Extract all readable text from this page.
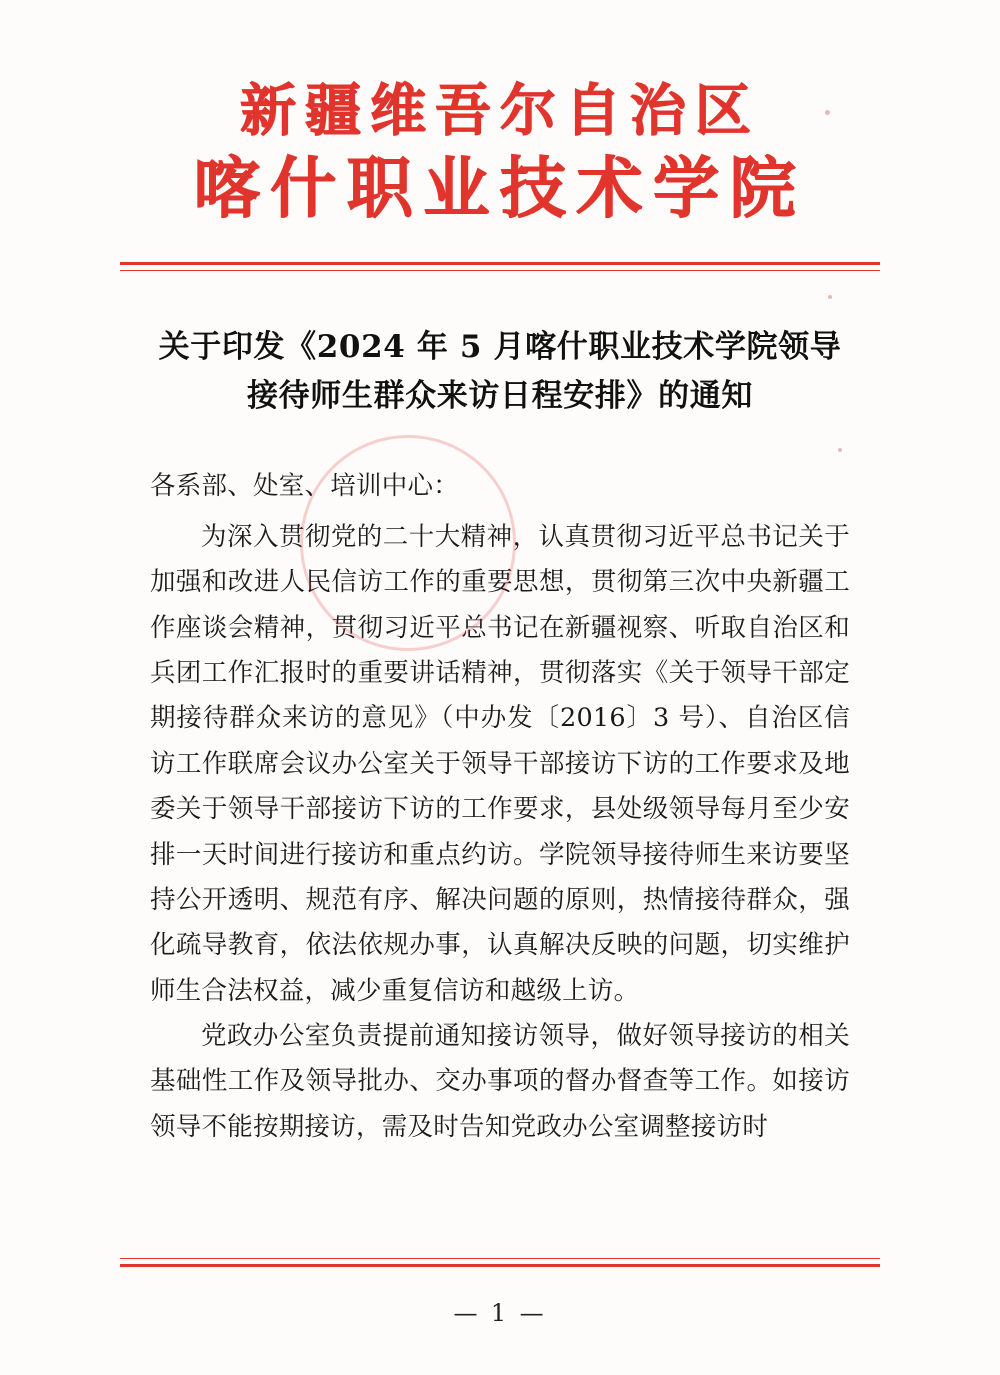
新疆维吾尔自治区
喀什职业技术学院
关于印发《2024 年 5 月喀什职业技术学院领导接待师生群众来访日程安排》的通知

各系部、处室、培训中心：

为深入贯彻党的二十大精神，认真贯彻习近平总书记关于加强和改进人民信访工作的重要思想，贯彻第三次中央新疆工作座谈会精神，贯彻习近平总书记在新疆视察、听取自治区和兵团工作汇报时的重要讲话精神，贯彻落实《关于领导干部定期接待群众来访的意见》（中办发〔2016〕3 号）、自治区信访工作联席会议办公室关于领导干部接访下访的工作要求及地委关于领导干部接访下访的工作要求，县处级领导每月至少安排一天时间进行接访和重点约访。学院领导接待师生来访要坚持公开透明、规范有序、解决问题的原则，热情接待群众，强化疏导教育，依法依规办事，认真解决反映的问题，切实维护师生合法权益，减少重复信访和越级上访。

党政办公室负责提前通知接访领导，做好领导接访的相关基础性工作及领导批办、交办事项的督办督查等工作。如接访领导不能按期接访，需及时告知党政办公室调整接访时

— 1 —
